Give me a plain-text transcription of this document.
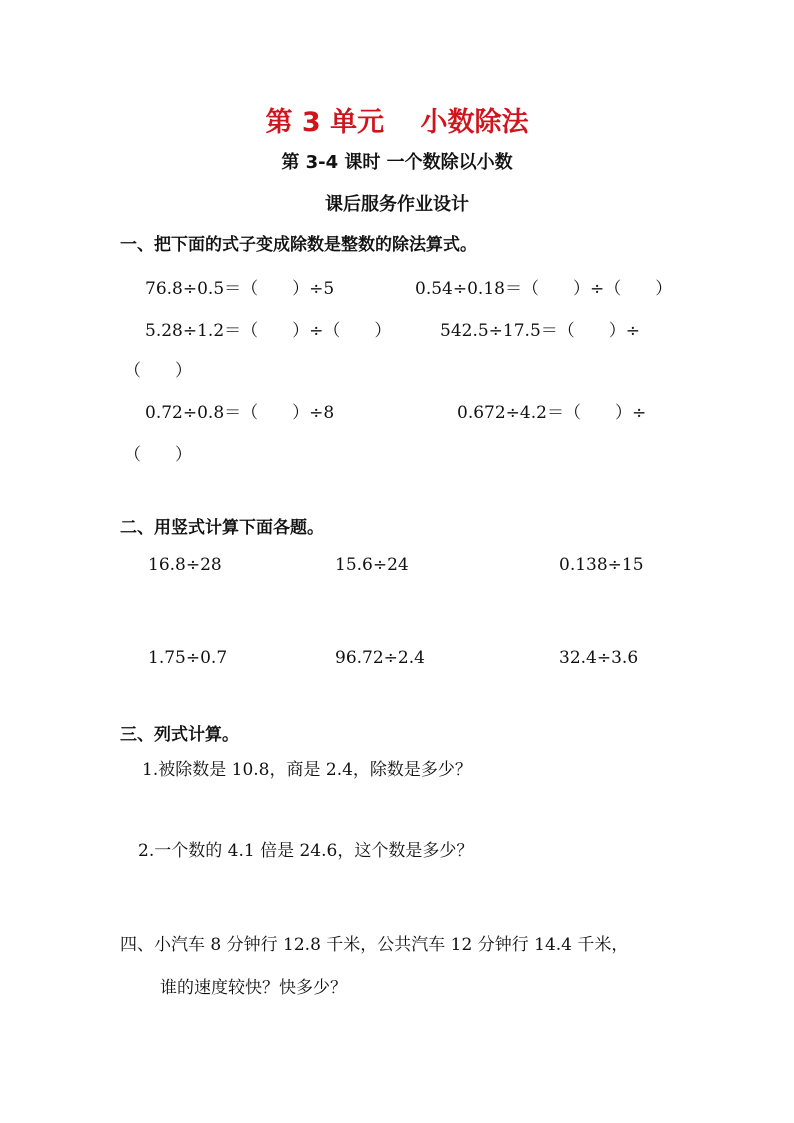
第 3 单元　 小数除法
第 3-4 课时 一个数除以小数
课后服务作业设计
一、把下面的式子变成除数是整数的除法算式。
76.8÷0.5＝（　　）÷5	0.54÷0.18＝（　　）÷（　　）
5.28÷1.2＝（　　）÷（　　）	542.5÷17.5＝（　　）÷
（　　）
0.72÷0.8＝（　　）÷8	0.672÷4.2＝（　　）÷
（　　）
二、用竖式计算下面各题。
16.8÷28	15.6÷24	0.138÷15
1.75÷0.7	96.72÷2.4	32.4÷3.6
三、列式计算。
1.被除数是 10.8，商是 2.4，除数是多少？
2.一个数的 4.1 倍是 24.6，这个数是多少？
四、小汽车 8 分钟行 12.8 千米，公共汽车 12 分钟行 14.4 千米，
谁的速度较快？快多少？
